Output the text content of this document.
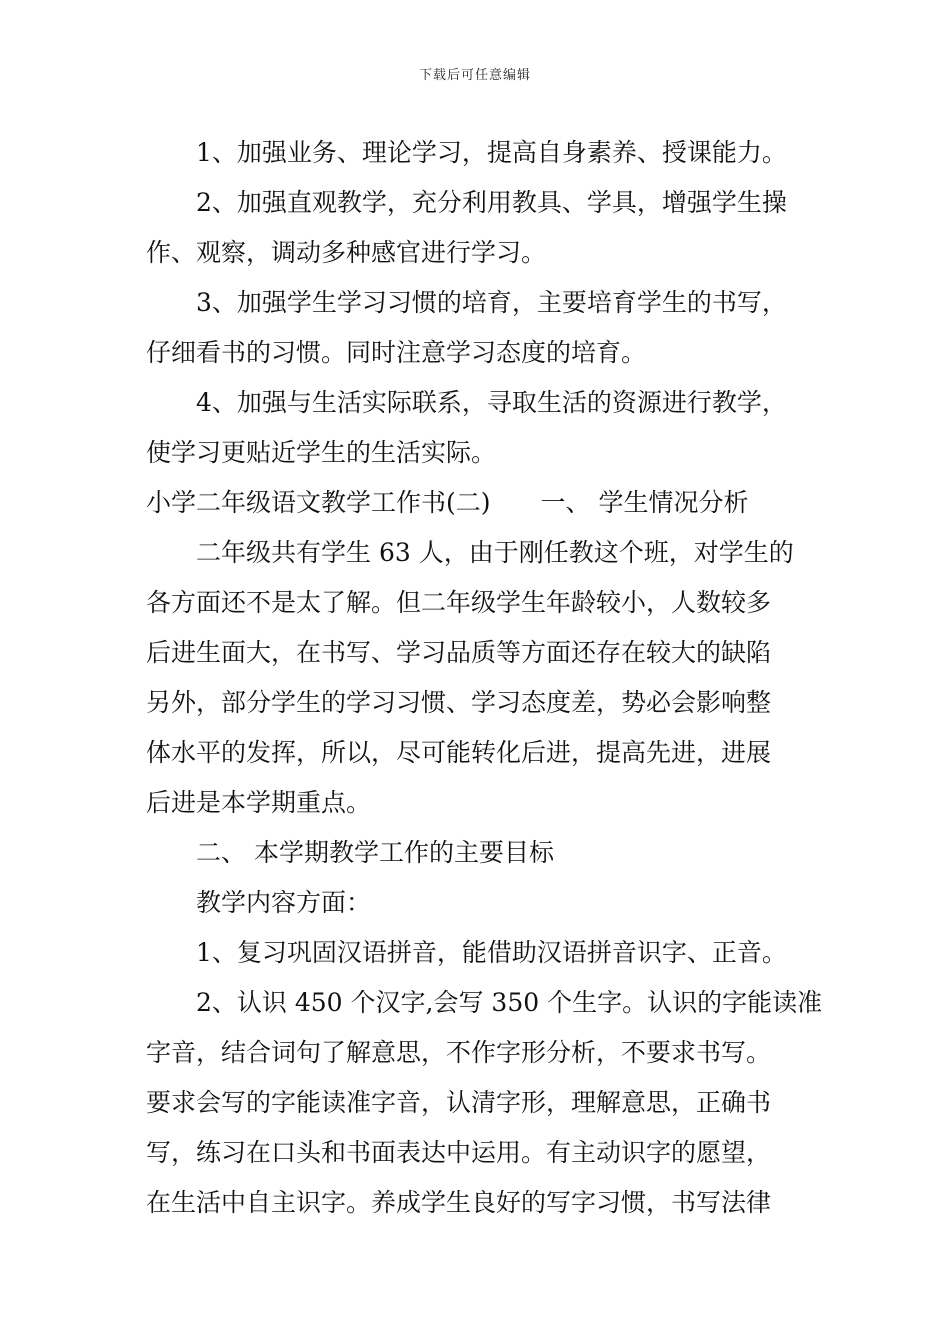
下载后可任意编辑
1、加强业务、理论学习，提高自身素养、授课能力。
2、加强直观教学，充分利用教具、学具，增强学生操
作、观察，调动多种感官进行学习。
3、加强学生学习习惯的培育，主要培育学生的书写，
仔细看书的习惯。同时注意学习态度的培育。
4、加强与生活实际联系，寻取生活的资源进行教学，
使学习更贴近学生的生活实际。
小学二年级语文教学工作书(二)　　一、 学生情况分析
二年级共有学生 63 人，由于刚任教这个班，对学生的
各方面还不是太了解。但二年级学生年龄较小，人数较多
后进生面大，在书写、学习品质等方面还存在较大的缺陷
另外，部分学生的学习习惯、学习态度差，势必会影响整
体水平的发挥，所以，尽可能转化后进，提高先进，进展
后进是本学期重点。
二、 本学期教学工作的主要目标
教学内容方面：
1、复习巩固汉语拼音，能借助汉语拼音识字、正音。
2、认识 450 个汉字,会写 350 个生字。认识的字能读准
字音，结合词句了解意思，不作字形分析，不要求书写。
要求会写的字能读准字音，认清字形，理解意思，正确书
写，练习在口头和书面表达中运用。有主动识字的愿望，
在生活中自主识字。养成学生良好的写字习惯，书写法律
